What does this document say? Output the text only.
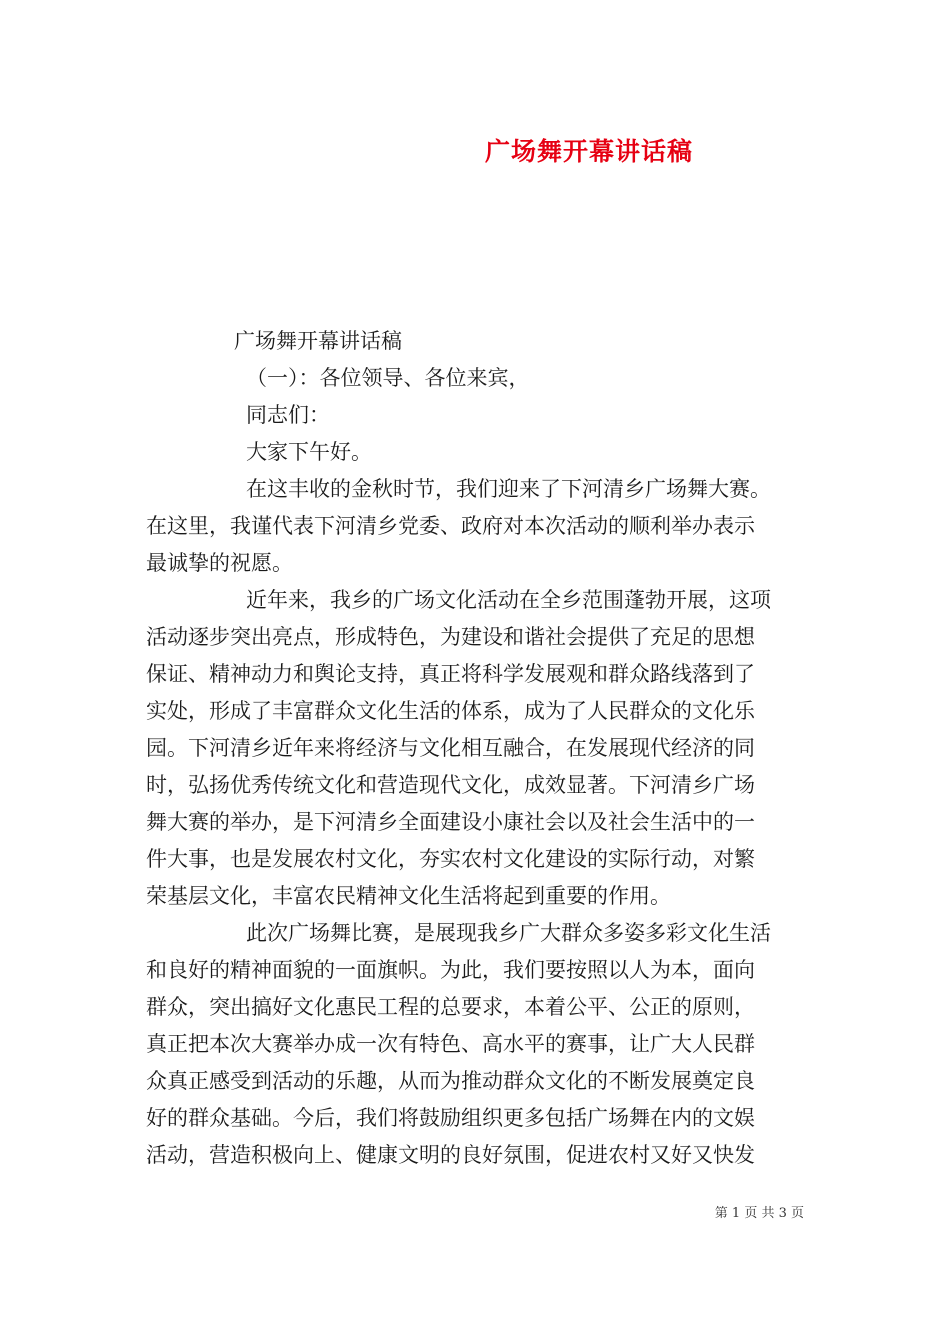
广场舞开幕讲话稿
广场舞开幕讲话稿
（一）：各位领导、各位来宾，
同志们：
大家下午好。
在这丰收的金秋时节，我们迎来了下河清乡广场舞大赛。
在这里，我谨代表下河清乡党委、政府对本次活动的顺利举办表示
最诚挚的祝愿。
近年来，我乡的广场文化活动在全乡范围蓬勃开展，这项
活动逐步突出亮点，形成特色，为建设和谐社会提供了充足的思想
保证、精神动力和舆论支持，真正将科学发展观和群众路线落到了
实处，形成了丰富群众文化生活的体系，成为了人民群众的文化乐
园。下河清乡近年来将经济与文化相互融合，在发展现代经济的同
时，弘扬优秀传统文化和营造现代文化，成效显著。下河清乡广场
舞大赛的举办，是下河清乡全面建设小康社会以及社会生活中的一
件大事，也是发展农村文化，夯实农村文化建设的实际行动，对繁
荣基层文化，丰富农民精神文化生活将起到重要的作用。
此次广场舞比赛，是展现我乡广大群众多姿多彩文化生活
和良好的精神面貌的一面旗帜。为此，我们要按照以人为本，面向
群众，突出搞好文化惠民工程的总要求，本着公平、公正的原则，
真正把本次大赛举办成一次有特色、高水平的赛事，让广大人民群
众真正感受到活动的乐趣，从而为推动群众文化的不断发展奠定良
好的群众基础。今后，我们将鼓励组织更多包括广场舞在内的文娱
活动，营造积极向上、健康文明的良好氛围，促进农村又好又快发
第 1 页 共 3 页
